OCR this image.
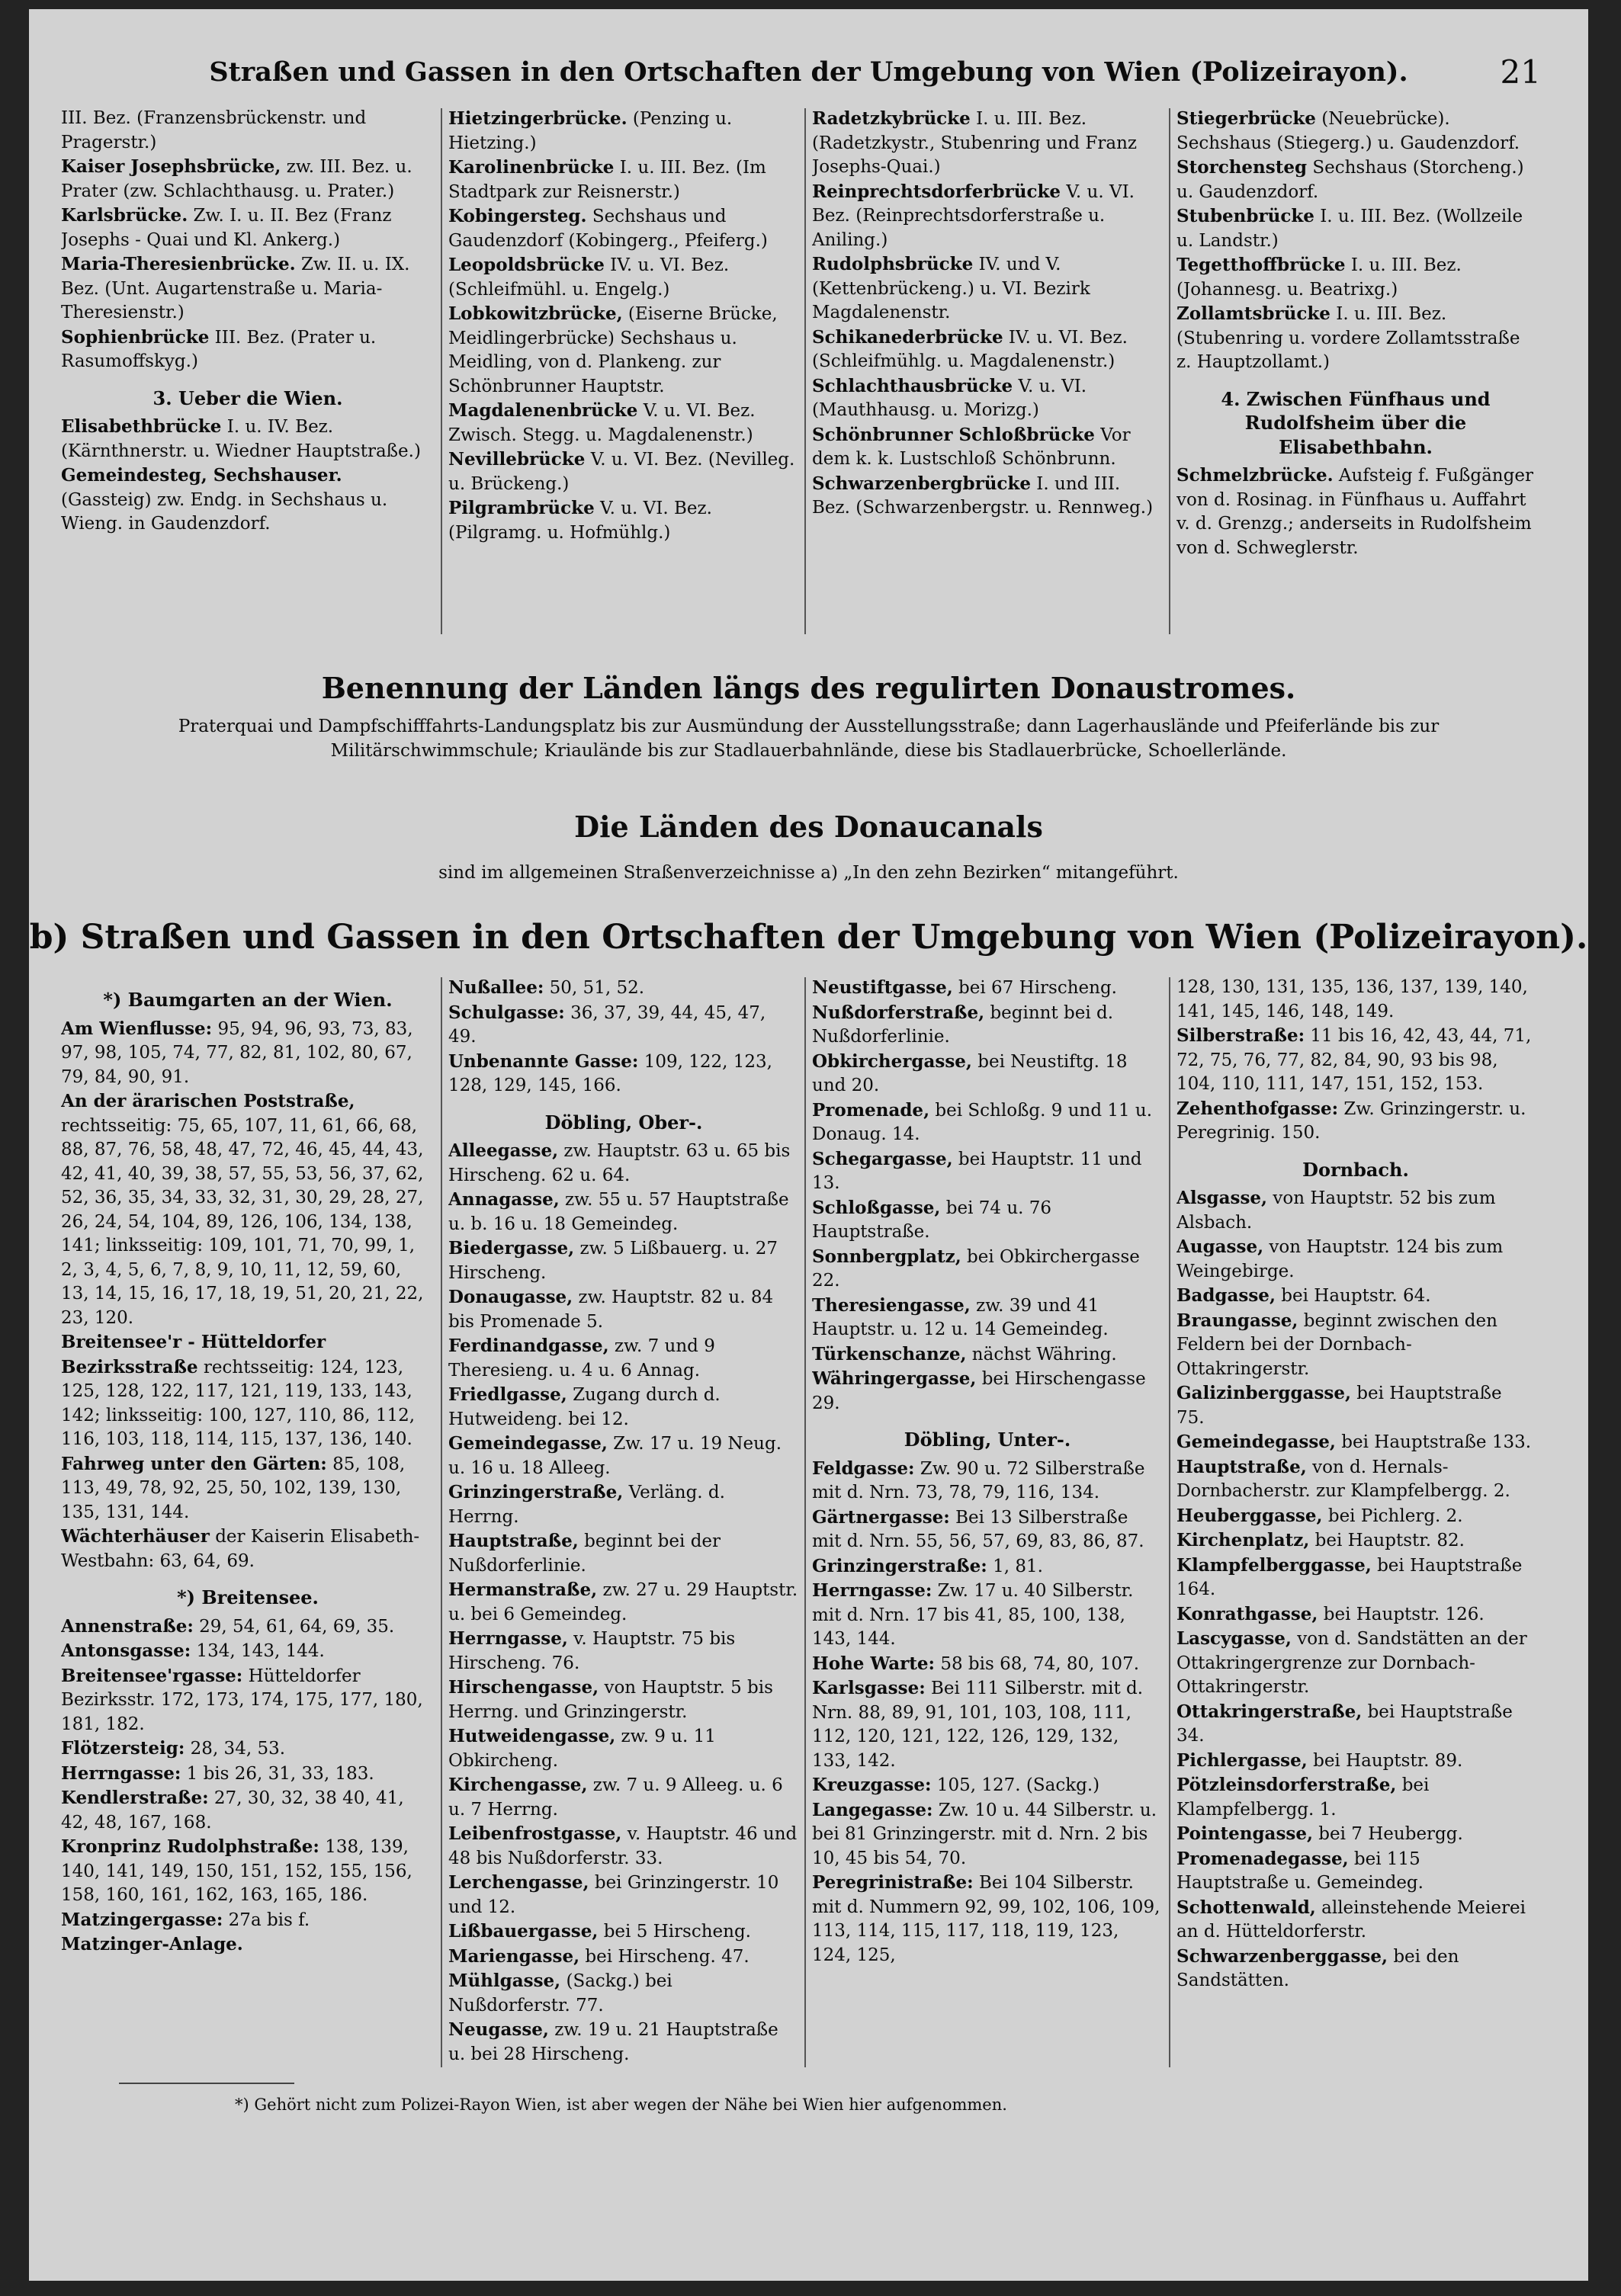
Straßen und Gassen in den Ortschaften der Umgebung von Wien (Polizeirayon).	21
III. Bez. (Franzensbrückenstr. und Pragerstr.)
Kaiser Josephsbrücke, zw. III. Bez. u. Prater (zw. Schlachthausg. u. Prater.)
Karlsbrücke. Zw. I. u. II. Bez (Franz Josephs - Quai und Kl. Ankerg.)
Maria-Theresienbrücke. Zw. II. u. IX. Bez. (Unt. Augartenstraße u. Maria-Theresienstr.)
Sophienbrücke III. Bez. (Prater u. Rasumoffskyg.)
3. Ueber die Wien.
Elisabethbrücke I. u. IV. Bez. (Kärnthnerstr. u. Wiedner Hauptstraße.)
Gemeindesteg, Sechshauser. (Gassteig) zw. Endg. in Sechshaus u. Wieng. in Gaudenzdorf.
Hietzingerbrücke. (Penzing u. Hietzing.)
Karolinenbrücke I. u. III. Bez. (Im Stadtpark zur Reisnerstr.)
Kobingersteg. Sechshaus und Gaudenzdorf (Kobingerg., Pfeiferg.)
Leopoldsbrücke IV. u. VI. Bez. (Schleifmühl. u. Engelg.)
Lobkowitzbrücke, (Eiserne Brücke, Meidlingerbrücke) Sechshaus u. Meidling, von d. Plankeng. zur Schönbrunner Hauptstr.
Magdalenenbrücke V. u. VI. Bez. Zwisch. Stegg. u. Magdalenenstr.)
Nevillebrücke V. u. VI. Bez. (Nevilleg. u. Brückeng.)
Pilgrambrücke V. u. VI. Bez. (Pilgramg. u. Hofmühlg.)
Radetzkybrücke I. u. III. Bez. (Radetzkystr., Stubenring und Franz Josephs-Quai.)
Reinprechtsdorferbrücke V. u. VI. Bez. (Reinprechtsdorferstraße u. Aniling.)
Rudolphsbrücke IV. und V. (Kettenbrückeng.) u. VI. Bezirk Magdalenenstr.
Schikanederbrücke IV. u. VI. Bez. (Schleifmühlg. u. Magdalenenstr.)
Schlachthausbrücke V. u. VI. (Mauthhausg. u. Morizg.)
Schönbrunner Schloßbrücke Vor dem k. k. Lustschloß Schönbrunn.
Schwarzenbergbrücke I. und III. Bez. (Schwarzenbergstr. u. Rennweg.)
Stiegerbrücke (Neuebrücke). Sechshaus (Stiegerg.) u. Gaudenzdorf.
Storchensteg Sechshaus (Storcheng.) u. Gaudenzdorf.
Stubenbrücke I. u. III. Bez. (Wollzeile u. Landstr.)
Tegetthoffbrücke I. u. III. Bez. (Johannesg. u. Beatrixg.)
Zollamtsbrücke I. u. III. Bez. (Stubenring u. vordere Zollamtsstraße z. Hauptzollamt.)
4. Zwischen Fünfhaus und Rudolfsheim über die Elisabethbahn.
Schmelzbrücke. Aufsteig f. Fußgänger von d. Rosinag. in Fünfhaus u. Auffahrt v. d. Grenzg.; anderseits in Rudolfsheim von d. Schweglerstr.
Benennung der Länden längs des regulirten Donaustromes.
Praterquai und Dampfschifffahrts-Landungsplatz bis zur Ausmündung der Ausstellungsstraße; dann Lagerhauslände und Pfeiferlände bis zur
Militärschwimmschule; Kriaulände bis zur Stadlauerbahnlände, diese bis Stadlauerbrücke, Schoellerlände.
Die Länden des Donaucanals
sind im allgemeinen Straßenverzeichnisse a) „In den zehn Bezirken“ mitangeführt.
b) Straßen und Gassen in den Ortschaften der Umgebung von Wien (Polizeirayon).
*) Baumgarten an der Wien.
Am Wienflusse: 95, 94, 96, 93, 73, 83, 97, 98, 105, 74, 77, 82, 81, 102, 80, 67, 79, 84, 90, 91.
An der ärarischen Poststraße, rechtsseitig: 75, 65, 107, 11, 61, 66, 68, 88, 87, 76, 58, 48, 47, 72, 46, 45, 44, 43, 42, 41, 40, 39, 38, 57, 55, 53, 56, 37, 62, 52, 36, 35, 34, 33, 32, 31, 30, 29, 28, 27, 26, 24, 54, 104, 89, 126, 106, 134, 138, 141; linksseitig: 109, 101, 71, 70, 99, 1, 2, 3, 4, 5, 6, 7, 8, 9, 10, 11, 12, 59, 60, 13, 14, 15, 16, 17, 18, 19, 51, 20, 21, 22, 23, 120.
Breitensee'r - Hütteldorfer Bezirksstraße rechtsseitig: 124, 123, 125, 128, 122, 117, 121, 119, 133, 143, 142; linksseitig: 100, 127, 110, 86, 112, 116, 103, 118, 114, 115, 137, 136, 140.
Fahrweg unter den Gärten: 85, 108, 113, 49, 78, 92, 25, 50, 102, 139, 130, 135, 131, 144.
Wächterhäuser der Kaiserin Elisabeth-Westbahn: 63, 64, 69.
*) Breitensee.
Annenstraße: 29, 54, 61, 64, 69, 35.
Antonsgasse: 134, 143, 144.
Breitensee'rgasse: Hütteldorfer Bezirksstr. 172, 173, 174, 175, 177, 180, 181, 182.
Flötzersteig: 28, 34, 53.
Herrngasse: 1 bis 26, 31, 33, 183.
Kendlerstraße: 27, 30, 32, 38 40, 41, 42, 48, 167, 168.
Kronprinz Rudolphstraße: 138, 139, 140, 141, 149, 150, 151, 152, 155, 156, 158, 160, 161, 162, 163, 165, 186.
Matzingergasse: 27a bis f.
Matzinger-Anlage.
Nußallee: 50, 51, 52.
Schulgasse: 36, 37, 39, 44, 45, 47, 49.
Unbenannte Gasse: 109, 122, 123, 128, 129, 145, 166.
Döbling, Ober-.
Alleegasse, zw. Hauptstr. 63 u. 65 bis Hirscheng. 62 u. 64.
Annagasse, zw. 55 u. 57 Hauptstraße u. b. 16 u. 18 Gemeindeg.
Biedergasse, zw. 5 Lißbauerg. u. 27 Hirscheng.
Donaugasse, zw. Hauptstr. 82 u. 84 bis Promenade 5.
Ferdinandgasse, zw. 7 und 9 Theresieng. u. 4 u. 6 Annag.
Friedlgasse, Zugang durch d. Hutweideng. bei 12.
Gemeindegasse, Zw. 17 u. 19 Neug. u. 16 u. 18 Alleeg.
Grinzingerstraße, Verläng. d. Herrng.
Hauptstraße, beginnt bei der Nußdorferlinie.
Hermanstraße, zw. 27 u. 29 Hauptstr. u. bei 6 Gemeindeg.
Herrngasse, v. Hauptstr. 75 bis Hirscheng. 76.
Hirschengasse, von Hauptstr. 5 bis Herrng. und Grinzingerstr.
Hutweidengasse, zw. 9 u. 11 Obkircheng.
Kirchengasse, zw. 7 u. 9 Alleeg. u. 6 u. 7 Herrng.
Leibenfrostgasse, v. Hauptstr. 46 und 48 bis Nußdorferstr. 33.
Lerchengasse, bei Grinzingerstr. 10 und 12.
Lißbauergasse, bei 5 Hirscheng.
Mariengasse, bei Hirscheng. 47.
Mühlgasse, (Sackg.) bei Nußdorferstr. 77.
Neugasse, zw. 19 u. 21 Hauptstraße u. bei 28 Hirscheng.
Neustiftgasse, bei 67 Hirscheng.
Nußdorferstraße, beginnt bei d. Nußdorferlinie.
Obkirchergasse, bei Neustiftg. 18 und 20.
Promenade, bei Schloßg. 9 und 11 u. Donaug. 14.
Schegargasse, bei Hauptstr. 11 und 13.
Schloßgasse, bei 74 u. 76 Hauptstraße.
Sonnbergplatz, bei Obkirchergasse 22.
Theresiengasse, zw. 39 und 41 Hauptstr. u. 12 u. 14 Gemeindeg.
Türkenschanze, nächst Währing.
Währingergasse, bei Hirschengasse 29.
Döbling, Unter-.
Feldgasse: Zw. 90 u. 72 Silberstraße mit d. Nrn. 73, 78, 79, 116, 134.
Gärtnergasse: Bei 13 Silberstraße mit d. Nrn. 55, 56, 57, 69, 83, 86, 87.
Grinzingerstraße: 1, 81.
Herrngasse: Zw. 17 u. 40 Silberstr. mit d. Nrn. 17 bis 41, 85, 100, 138, 143, 144.
Hohe Warte: 58 bis 68, 74, 80, 107.
Karlsgasse: Bei 111 Silberstr. mit d. Nrn. 88, 89, 91, 101, 103, 108, 111, 112, 120, 121, 122, 126, 129, 132, 133, 142.
Kreuzgasse: 105, 127. (Sackg.)
Langegasse: Zw. 10 u. 44 Silberstr. u. bei 81 Grinzingerstr. mit d. Nrn. 2 bis 10, 45 bis 54, 70.
Peregrinistraße: Bei 104 Silberstr. mit d. Nummern 92, 99, 102, 106, 109, 113, 114, 115, 117, 118, 119, 123, 124, 125,
128, 130, 131, 135, 136, 137, 139, 140, 141, 145, 146, 148, 149.
Silberstraße: 11 bis 16, 42, 43, 44, 71, 72, 75, 76, 77, 82, 84, 90, 93 bis 98, 104, 110, 111, 147, 151, 152, 153.
Zehenthofgasse: Zw. Grinzingerstr. u. Peregrinig. 150.
Dornbach.
Alsgasse, von Hauptstr. 52 bis zum Alsbach.
Augasse, von Hauptstr. 124 bis zum Weingebirge.
Badgasse, bei Hauptstr. 64.
Braungasse, beginnt zwischen den Feldern bei der Dornbach-Ottakringerstr.
Galizinberggasse, bei Hauptstraße 75.
Gemeindegasse, bei Hauptstraße 133.
Hauptstraße, von d. Hernals-Dornbacherstr. zur Klampfelbergg. 2.
Heuberggasse, bei Pichlerg. 2.
Kirchenplatz, bei Hauptstr. 82.
Klampfelberggasse, bei Hauptstraße 164.
Konrathgasse, bei Hauptstr. 126.
Lascygasse, von d. Sandstätten an der Ottakringergrenze zur Dornbach-Ottakringerstr.
Ottakringerstraße, bei Hauptstraße 34.
Pichlergasse, bei Hauptstr. 89.
Pötzleinsdorferstraße, bei Klampfelbergg. 1.
Pointengasse, bei 7 Heubergg.
Promenadegasse, bei 115 Hauptstraße u. Gemeindeg.
Schottenwald, alleinstehende Meierei an d. Hütteldorferstr.
Schwarzenberggasse, bei den Sandstätten.
*) Gehört nicht zum Polizei-Rayon Wien, ist aber wegen der Nähe bei Wien hier aufgenommen.
